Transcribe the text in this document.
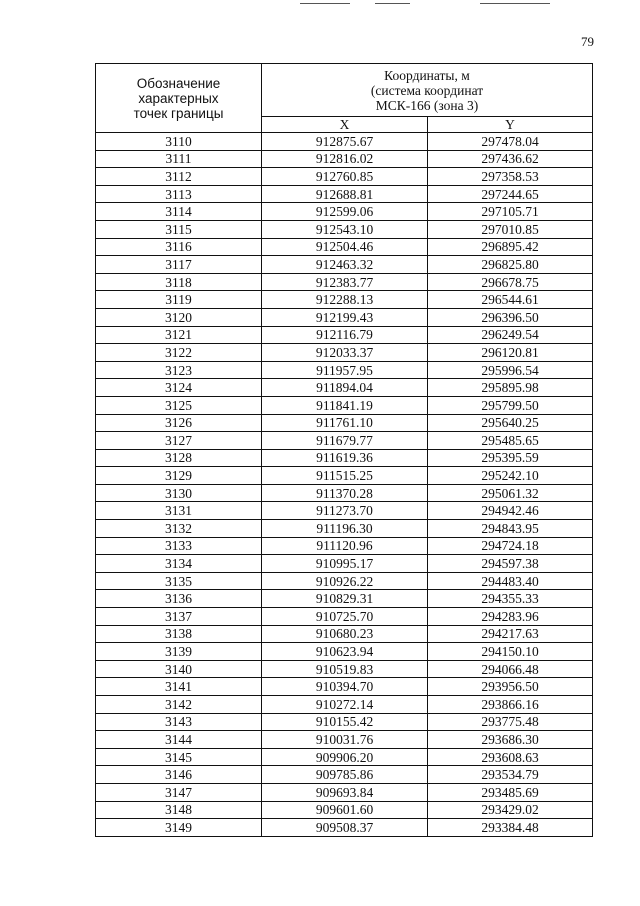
79
Обозначение
характерных
точек границы	Координаты, м
(система координат
МСК-166 (зона 3)	

	X	Y
3110	912875.67	297478.04
3111	912816.02	297436.62
3112	912760.85	297358.53
3113	912688.81	297244.65
3114	912599.06	297105.71
3115	912543.10	297010.85
3116	912504.46	296895.42
3117	912463.32	296825.80
3118	912383.77	296678.75
3119	912288.13	296544.61
3120	912199.43	296396.50
3121	912116.79	296249.54
3122	912033.37	296120.81
3123	911957.95	295996.54
3124	911894.04	295895.98
3125	911841.19	295799.50
3126	911761.10	295640.25
3127	911679.77	295485.65
3128	911619.36	295395.59
3129	911515.25	295242.10
3130	911370.28	295061.32
3131	911273.70	294942.46
3132	911196.30	294843.95
3133	911120.96	294724.18
3134	910995.17	294597.38
3135	910926.22	294483.40
3136	910829.31	294355.33
3137	910725.70	294283.96
3138	910680.23	294217.63
3139	910623.94	294150.10
3140	910519.83	294066.48
3141	910394.70	293956.50
3142	910272.14	293866.16
3143	910155.42	293775.48
3144	910031.76	293686.30
3145	909906.20	293608.63
3146	909785.86	293534.79
3147	909693.84	293485.69
3148	909601.60	293429.02
3149	909508.37	293384.48
